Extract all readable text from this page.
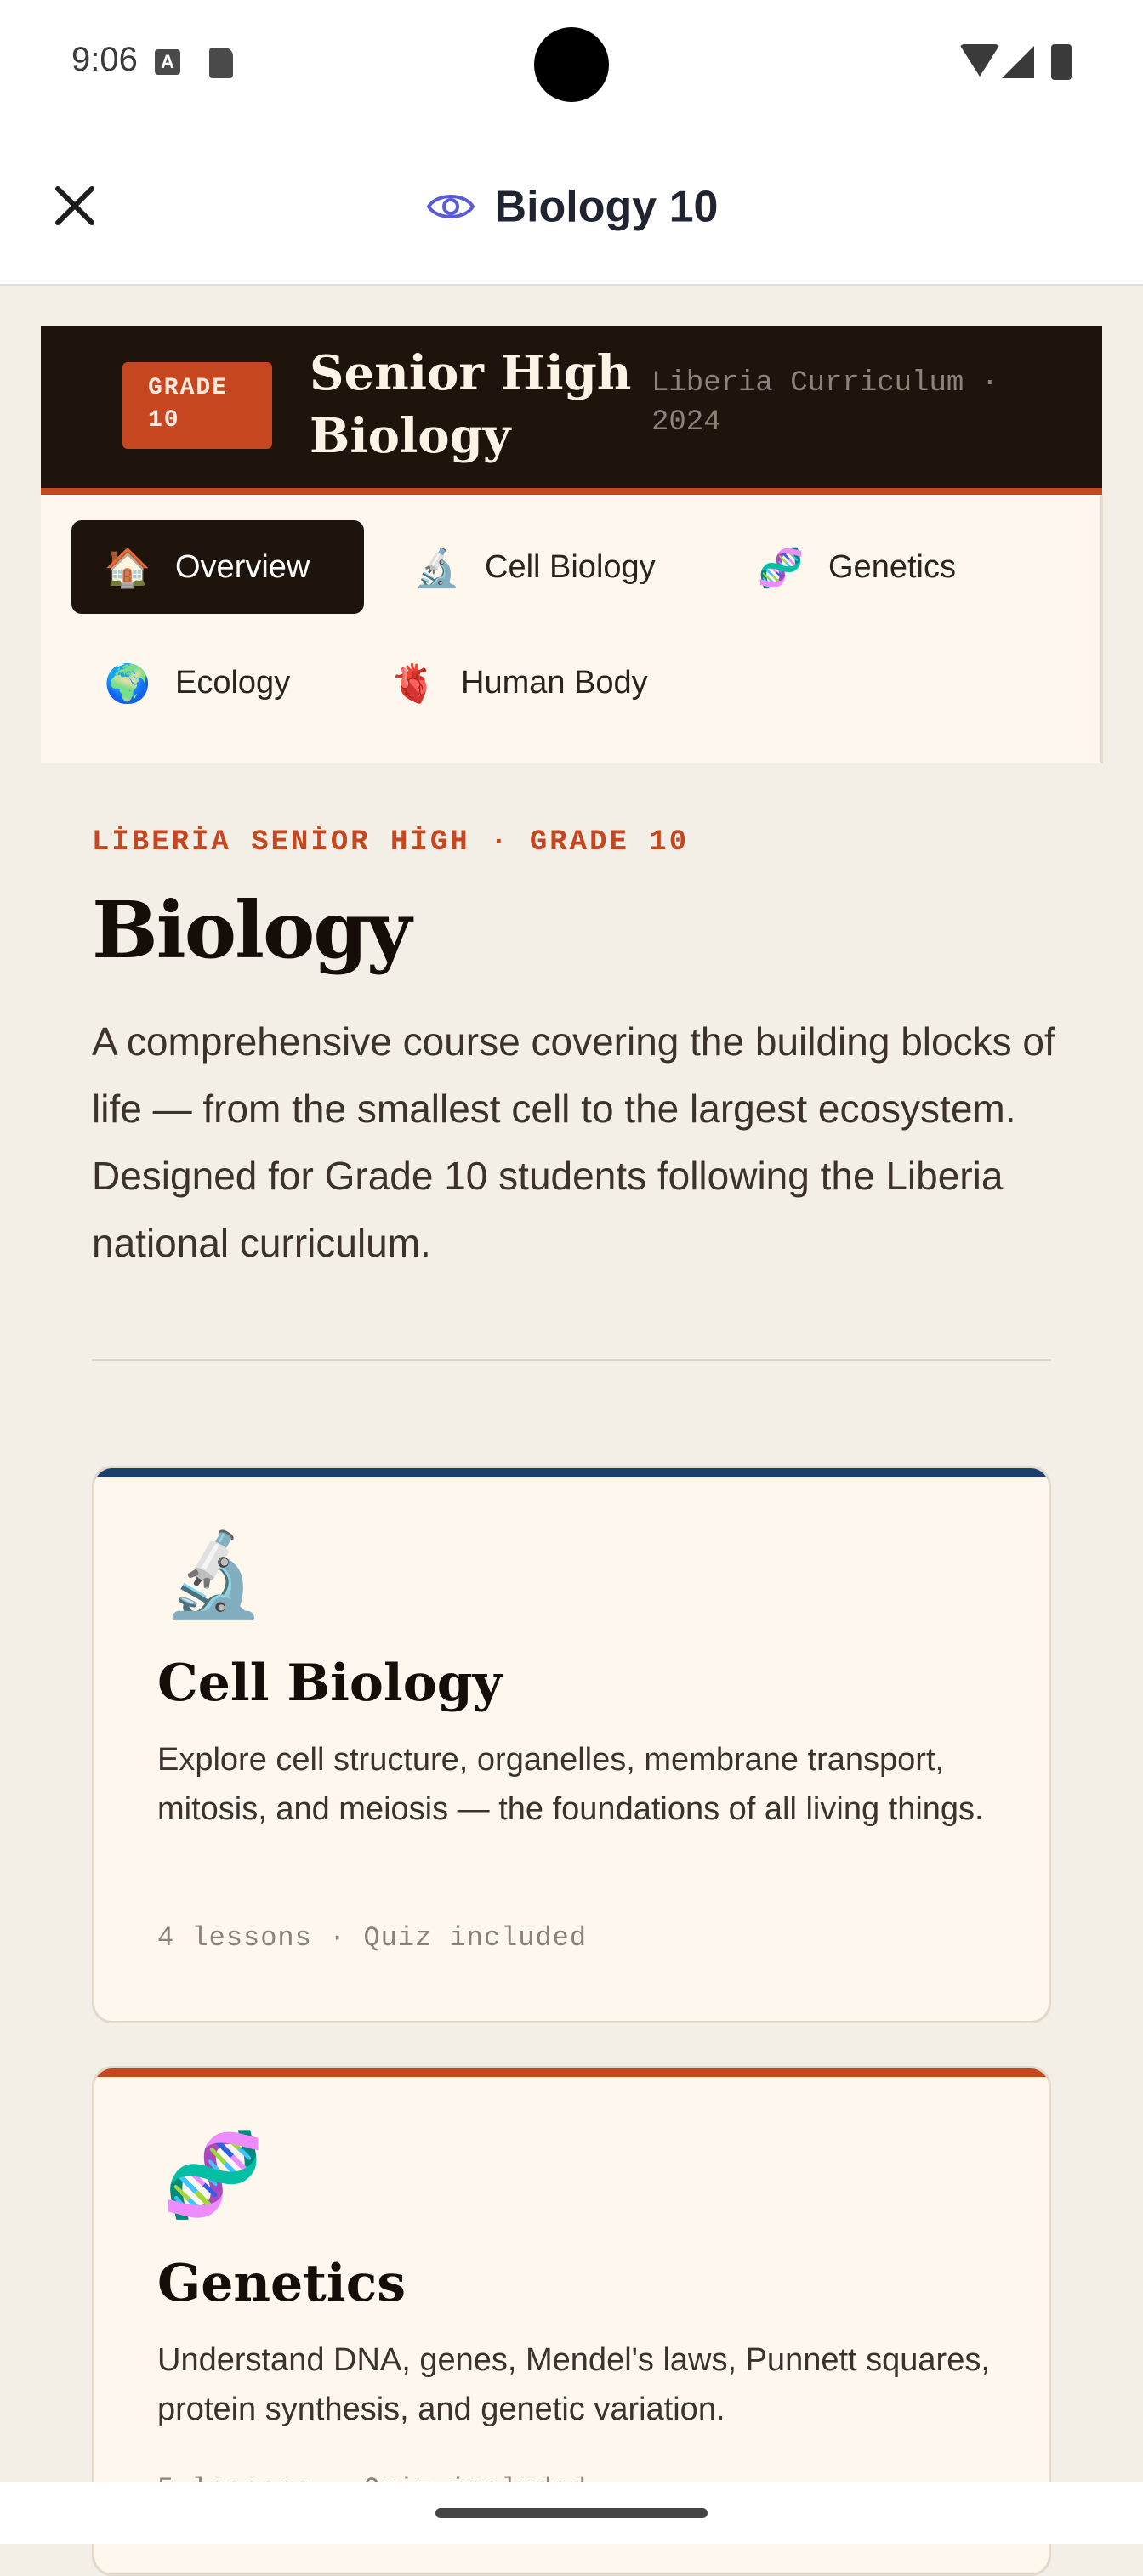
9:06	A
Biology 10
GRADE
10
Senior High Biology
Liberia Curriculum · 2024
🏠 Overview	🔬 Cell Biology	🧬 Genetics
🌍 Ecology	🫀 Human Body
LİBERİA SENİOR HİGH · GRADE 10
Biology
A comprehensive course covering the building blocks of life — from the smallest cell to the largest ecosystem. Designed for Grade 10 students following the Liberia national curriculum.
🔬
Cell Biology
Explore cell structure, organelles, membrane transport, mitosis, and meiosis — the foundations of all living things.
4 lessons · Quiz included
🧬
Genetics
Understand DNA, genes, Mendel's laws, Punnett squares, protein synthesis, and genetic variation.
